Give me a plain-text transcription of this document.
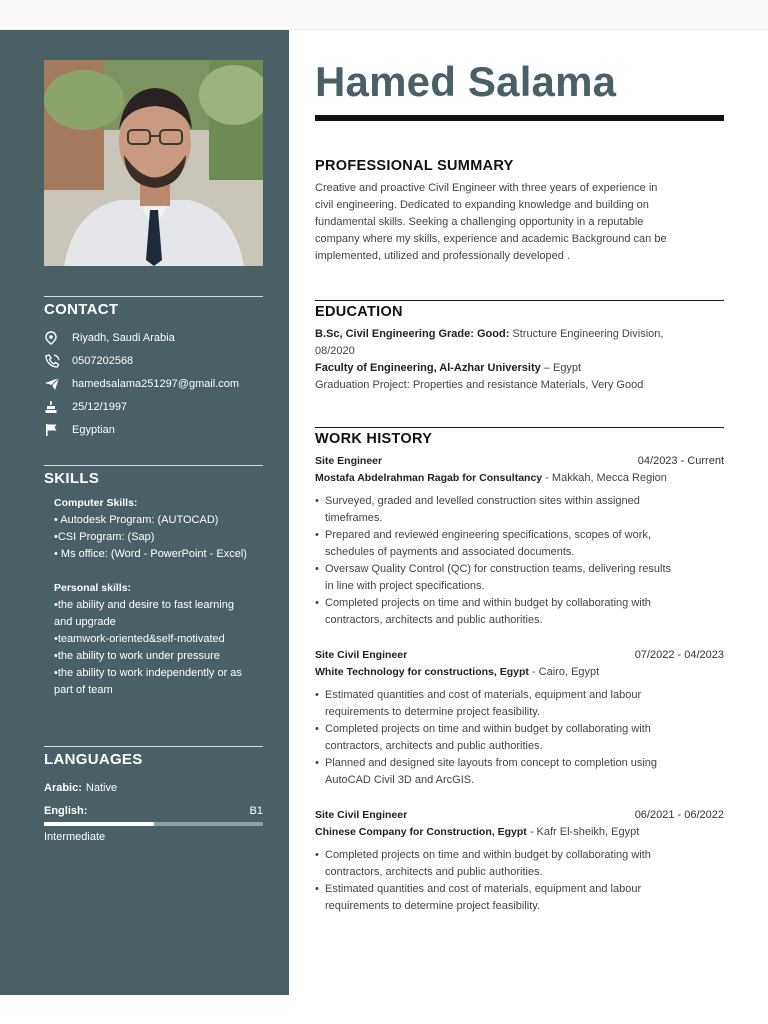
CONTACT
Riyadh, Saudi Arabia
0507202568
hamedsalama251297@gmail.com
25/12/1997
Egyptian
SKILLS
Computer Skills:
• Autodesk Program: (AUTOCAD)
•CSI Program: (Sap)
• Ms office: (Word - PowerPoint - Excel)
Personal skills:
•the ability and desire to fast learning
and upgrade
•teamwork-oriented&self-motivated
•the ability to work under pressure
•the ability to work independently or as
part of team
LANGUAGES
Arabic: Native
English:	B1
Intermediate
Hamed Salama
PROFESSIONAL SUMMARY
Creative and proactive Civil Engineer with three years of experience in
civil engineering. Dedicated to expanding knowledge and building on
fundamental skills. Seeking a challenging opportunity in a reputable
company where my skills, experience and academic Background can be
implemented, utilized and professionally developed .
EDUCATION
B.Sc, Civil Engineering Grade: Good: Structure Engineering Division,
08/2020
Faculty of Engineering, Al-Azhar University – Egypt
Graduation Project: Properties and resistance Materials, Very Good
WORK HISTORY
Site Engineer	04/2023 - Current
Mostafa Abdelrahman Ragab for Consultancy - Makkah, Mecca Region
• Surveyed, graded and levelled construction sites within assigned
timeframes.
• Prepared and reviewed engineering specifications, scopes of work,
schedules of payments and associated documents.
• Oversaw Quality Control (QC) for construction teams, delivering results
in line with project specifications.
• Completed projects on time and within budget by collaborating with
contractors, architects and public authorities.
Site Civil Engineer	07/2022 - 04/2023
White Technology for constructions, Egypt - Cairo, Egypt
• Estimated quantities and cost of materials, equipment and labour
requirements to determine project feasibility.
• Completed projects on time and within budget by collaborating with
contractors, architects and public authorities.
• Planned and designed site layouts from concept to completion using
AutoCAD Civil 3D and ArcGIS.
Site Civil Engineer	06/2021 - 06/2022
Chinese Company for Construction, Egypt - Kafr El-sheikh, Egypt
• Completed projects on time and within budget by collaborating with
contractors, architects and public authorities.
• Estimated quantities and cost of materials, equipment and labour
requirements to determine project feasibility.
